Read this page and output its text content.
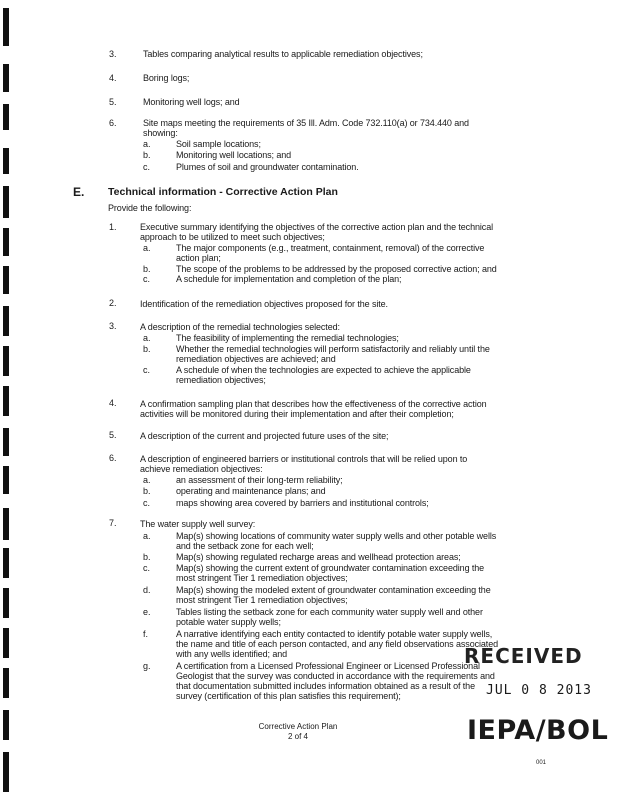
3.	Tables comparing analytical results to applicable remediation objectives;
4.	Boring logs;
5.	Monitoring well logs; and
6.	Site maps meeting the requirements of 35 Ill. Adm. Code 732.110(a) or 734.440 and
showing:
a.	Soil sample locations;
b.	Monitoring well locations; and
c.	Plumes of soil and groundwater contamination.
E. Technical information - Corrective Action Plan
Provide the following:
1.	Executive summary identifying the objectives of the corrective action plan and the technical
approach to be utilized to meet such objectives;
a.	The major components (e.g., treatment, containment, removal) of the corrective
action plan;
b.	The scope of the problems to be addressed by the proposed corrective action; and
c.	A schedule for implementation and completion of the plan;
2.	Identification of the remediation objectives proposed for the site.
3.	A description of the remedial technologies selected:
a.	The feasibility of implementing the remedial technologies;
b.	Whether the remedial technologies will perform satisfactorily and reliably until the
remediation objectives are achieved; and
c.	A schedule of when the technologies are expected to achieve the applicable
remediation objectives;
4.	A confirmation sampling plan that describes how the effectiveness of the corrective action
activities will be monitored during their implementation and after their completion;
5.	A description of the current and projected future uses of the site;
6.	A description of engineered barriers or institutional controls that will be relied upon to
achieve remediation objectives:
a.	an assessment of their long-term reliability;
b.	operating and maintenance plans; and
c.	maps showing area covered by barriers and institutional controls;
7.	The water supply well survey:
a.	Map(s) showing locations of community water supply wells and other potable wells
and the setback zone for each well;
b.	Map(s) showing regulated recharge areas and wellhead protection areas;
c.	Map(s) showing the current extent of groundwater contamination exceeding the
most stringent Tier 1 remediation objectives;
d.	Map(s) showing the modeled extent of groundwater contamination exceeding the
most stringent Tier 1 remediation objectives;
e.	Tables listing the setback zone for each community water supply well and other
potable water supply wells;
f.	A narrative identifying each entity contacted to identify potable water supply wells,
the name and title of each person contacted, and any field observations associated
with any wells identified; and
g.	A certification from a Licensed Professional Engineer or Licensed Professional
Geologist that the survey was conducted in accordance with the requirements and
that documentation submitted includes information obtained as a result of the
survey (certification of this plan satisfies this requirement);
Corrective Action Plan
2 of 4
RECEIVED
JUL 0 8 2013
IEPA/BOL
001
